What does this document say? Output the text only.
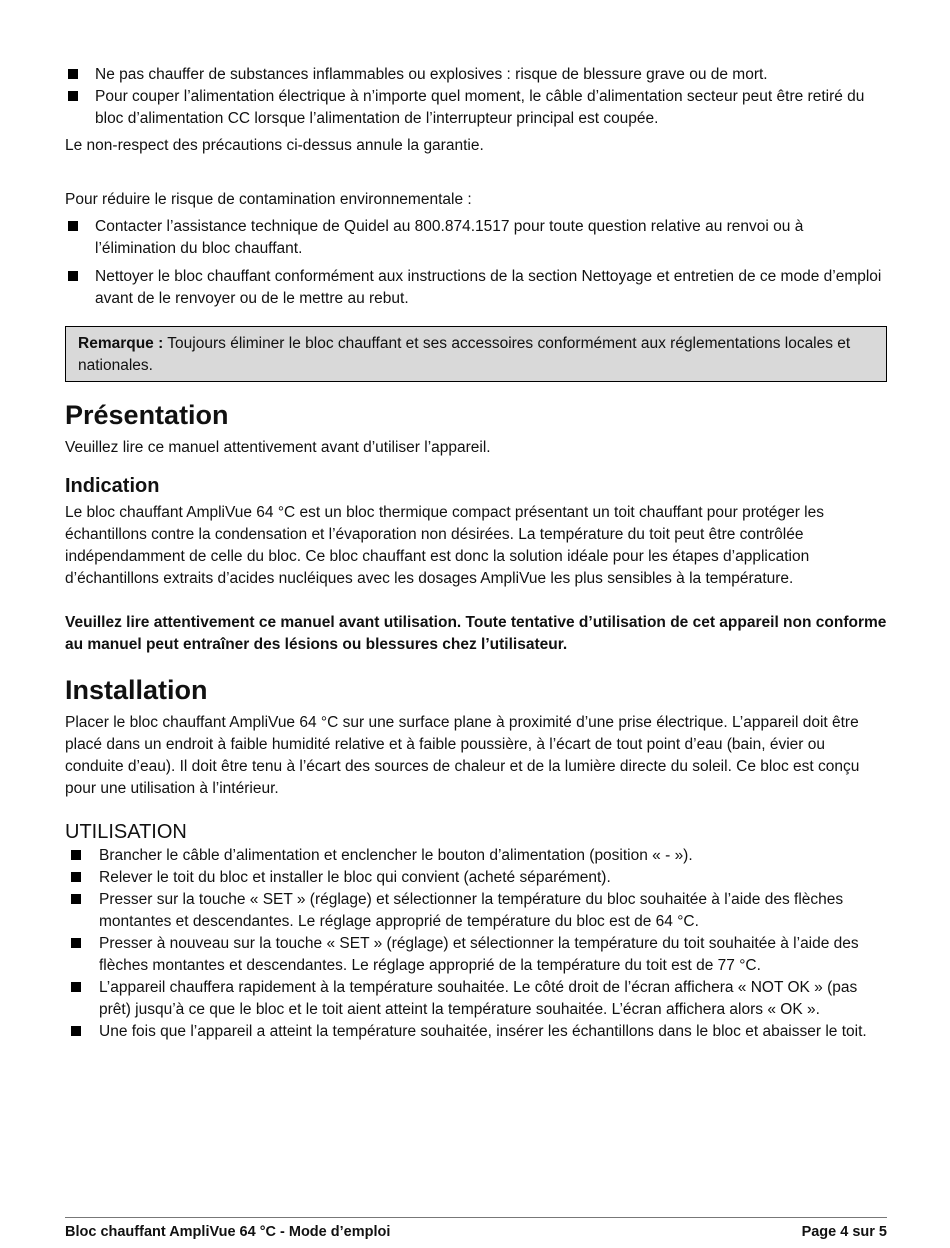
Ne pas chauffer de substances inflammables ou explosives : risque de blessure grave ou de mort.
Pour couper l’alimentation électrique à n’importe quel moment, le câble d’alimentation secteur peut être retiré du bloc d’alimentation CC lorsque l’alimentation de l’interrupteur principal est coupée.

Le non-respect des précautions ci-dessus annule la garantie.

Pour réduire le risque de contamination environnementale :

Contacter l’assistance technique de Quidel au 800.874.1517 pour toute question relative au renvoi ou à l’élimination du bloc chauffant.
Nettoyer le bloc chauffant conformément aux instructions de la section Nettoyage et entretien de ce mode d’emploi avant de le renvoyer ou de le mettre au rebut.
Remarque : Toujours éliminer le bloc chauffant et ses accessoires conformément aux réglementations locales et nationales.
Présentation

Veuillez lire ce manuel attentivement avant d’utiliser l’appareil.

Indication

Le bloc chauffant AmpliVue 64 °C est un bloc thermique compact présentant un toit chauffant pour protéger les échantillons contre la condensation et l’évaporation non désirées. La température du toit peut être contrôlée indépendamment de celle du bloc. Ce bloc chauffant est donc la solution idéale pour les étapes d’application d’échantillons extraits d’acides nucléiques avec les dosages AmpliVue les plus sensibles à la température.

Veuillez lire attentivement ce manuel avant utilisation. Toute tentative d’utilisation de cet appareil non conforme au manuel peut entraîner des lésions ou blessures chez l’utilisateur.

Installation

Placer le bloc chauffant AmpliVue 64 °C sur une surface plane à proximité d’une prise électrique. L’appareil doit être placé dans un endroit à faible humidité relative et à faible poussière, à l’écart de tout point d’eau (bain, évier ou conduite d’eau). Il doit être tenu à l’écart des sources de chaleur et de la lumière directe du soleil. Ce bloc est conçu pour une utilisation à l’intérieur.

UTILISATION
Brancher le câble d’alimentation et enclencher le bouton d’alimentation (position « - »).
Relever le toit du bloc et installer le bloc qui convient (acheté séparément).
Presser sur la touche « SET » (réglage) et sélectionner la température du bloc souhaitée à l’aide des flèches montantes et descendantes. Le réglage approprié de température du bloc est de 64 °C.
Presser à nouveau sur la touche « SET » (réglage) et sélectionner la température du toit souhaitée à l’aide des flèches montantes et descendantes. Le réglage approprié de la température du toit est de 77 °C.
L’appareil chauffera rapidement à la température souhaitée. Le côté droit de l’écran affichera « NOT OK » (pas prêt) jusqu’à ce que le bloc et le toit aient atteint la température souhaitée. L’écran affichera alors « OK ».
Une fois que l’appareil a atteint la température souhaitée, insérer les échantillons dans le bloc et abaisser le toit.
Bloc chauffant AmpliVue 64 °C - Mode d’emploi	Page 4 sur 5
